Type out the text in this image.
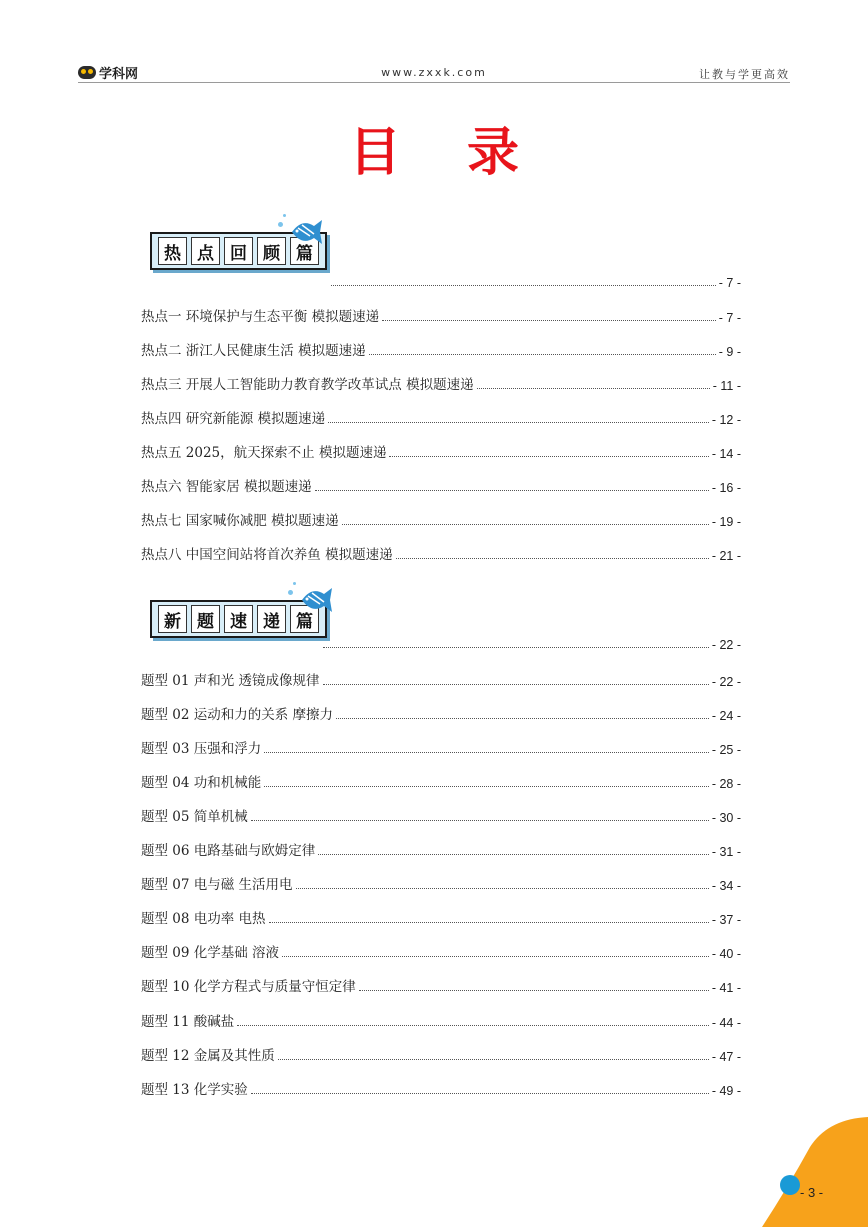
学科网	www.zxxk.com	让教与学更高效
目录
热 点 回 顾 篇
- 7 -
热点一 环境保护与生态平衡 模拟题速递	- 7 -
热点二 浙江人民健康生活 模拟题速递	- 9 -
热点三 开展人工智能助力教育教学改革试点 模拟题速递	- 11 -
热点四 研究新能源 模拟题速递	- 12 -
热点五 2025，航天探索不止 模拟题速递	- 14 -
热点六 智能家居 模拟题速递	- 16 -
热点七 国家喊你减肥 模拟题速递	- 19 -
热点八 中国空间站将首次养鱼 模拟题速递	- 21 -
新 题 速 递 篇
- 22 -
题型 01 声和光 透镜成像规律	- 22 -
题型 02 运动和力的关系 摩擦力	- 24 -
题型 03 压强和浮力	- 25 -
题型 04 功和机械能	- 28 -
题型 05 简单机械	- 30 -
题型 06 电路基础与欧姆定律	- 31 -
题型 07 电与磁 生活用电	- 34 -
题型 08 电功率 电热	- 37 -
题型 09 化学基础 溶液	- 40 -
题型 10 化学方程式与质量守恒定律	- 41 -
题型 11 酸碱盐	- 44 -
题型 12 金属及其性质	- 47 -
题型 13 化学实验	- 49 -
- 3 -
